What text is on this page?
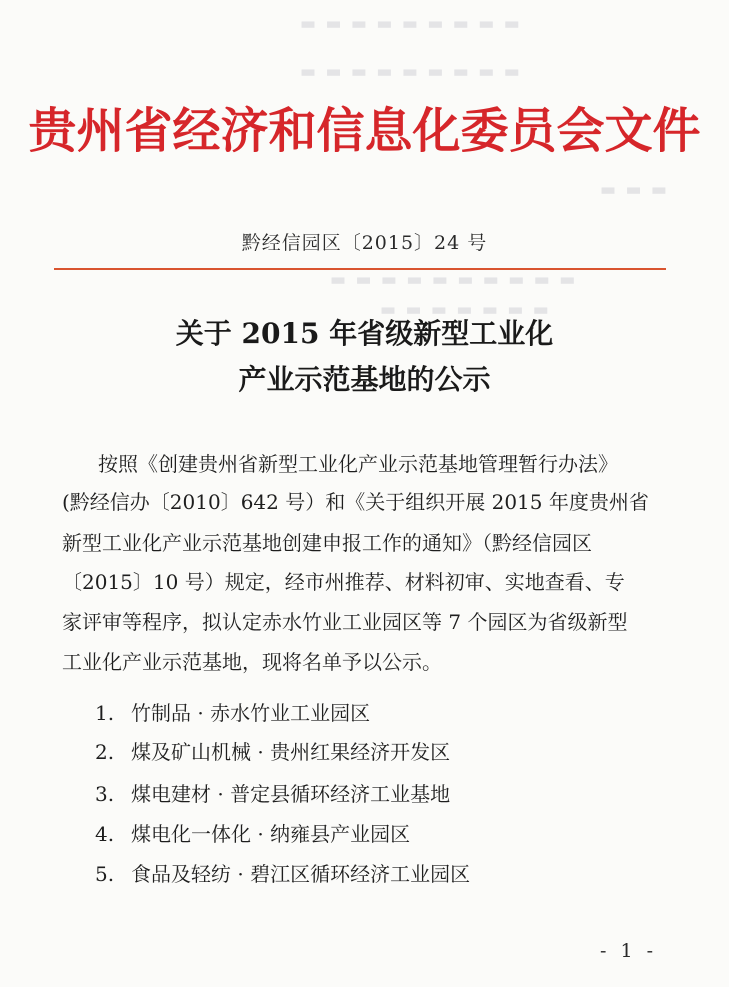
▬ ▬ ▬ ▬ ▬ ▬ ▬ ▬ ▬
▬ ▬ ▬ ▬ ▬ ▬ ▬ ▬ ▬
▬ ▬ ▬
▬ ▬ ▬ ▬ ▬ ▬ ▬ ▬ ▬ ▬
▬ ▬ ▬ ▬ ▬ ▬ ▬
贵州省经济和信息化委员会文件
黔经信园区〔2015〕24 号
关于 2015 年省级新型工业化
产业示范基地的公示
按照《创建贵州省新型工业化产业示范基地管理暂行办法》
(黔经信办〔2010〕642 号）和《关于组织开展 2015 年度贵州省
新型工业化产业示范基地创建申报工作的通知》（黔经信园区
〔2015〕10 号）规定，经市州推荐、材料初审、实地查看、专
家评审等程序，拟认定赤水竹业工业园区等 7 个园区为省级新型
工业化产业示范基地，现将名单予以公示。
1. 竹制品 · 赤水竹业工业园区
2. 煤及矿山机械 · 贵州红果经济开发区
3. 煤电建材 · 普定县循环经济工业基地
4. 煤电化一体化 · 纳雍县产业园区
5. 食品及轻纺 · 碧江区循环经济工业园区
- 1 -
